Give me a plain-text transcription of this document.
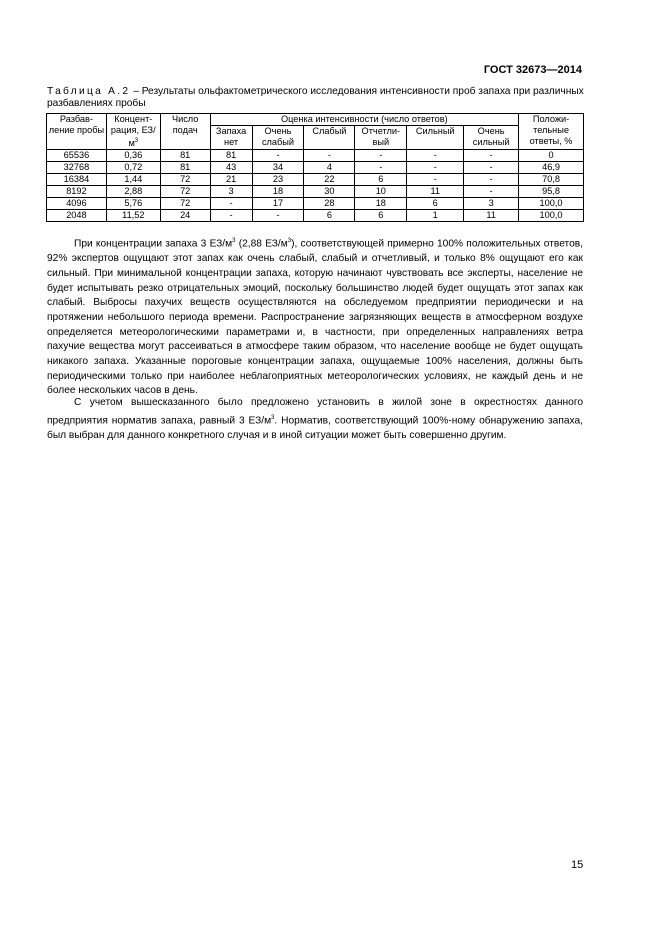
ГОСТ 32673—2014
Таблица А.2 – Результаты ольфактометрического исследования интенсивности проб запаха при различных разбавлениях пробы
Разбав-ление пробы	Концент-рация, $ЕЗ/м^3$	Число подач	Оценка интенсивности (число ответов)						Положи-тельные ответы, %
			Запаха нет	Очень слабый	Слабый	Отчетли-вый	Сильный	Очень сильный	
65536	0,36	81	81	-	-	-	-	-	0
32768	0,72	81	43	34	4	-	-	-	46,9
16384	1,44	72	21	23	22	6	-	-	70,8
8192	2,88	72	3	18	30	10	11	-	95,8
4096	5,76	72	-	17	28	18	6	3	100,0
2048	11,52	24	-	-	6	6	1	11	100,0

При концентрации запаха 3 $ЕЗ/м^3$ (2,88 $ЕЗ/м^3$), соответствующей примерно 100% положительных ответов, 92% экспертов ощущают этот запах как очень слабый, слабый и отчетливый, и только 8% ощущают его как сильный. При минимальной концентрации запаха, которую начинают чувствовать все эксперты, население не будет испытывать резко отрицательных эмоций, поскольку большинство людей будет ощущать этот запах как слабый. Выбросы пахучих веществ осуществляются на обследуемом предприятии периодически и на протяжении небольшого периода времени. Распространение загрязняющих веществ в атмосферном воздухе определяется метеорологическими параметрами и, в частности, при определенных направлениях ветра пахучие вещества могут рассеиваться в атмосфере таким образом, что население вообще не будет ощущать никакого запаха. Указанные пороговые концентрации запаха, ощущаемые 100% населения, должны быть периодическими только при наиболее неблагоприятных метеорологических условиях, не каждый день и не более нескольких часов в день.

С учетом вышесказанного было предложено установить в жилой зоне в окрестностях данного предприятия норматив запаха, равный 3 $ЕЗ/м^3$. Норматив, соответствующий 100%-ному обнаружению запаха, был выбран для данного конкретного случая и в иной ситуации может быть совершенно другим.

15
